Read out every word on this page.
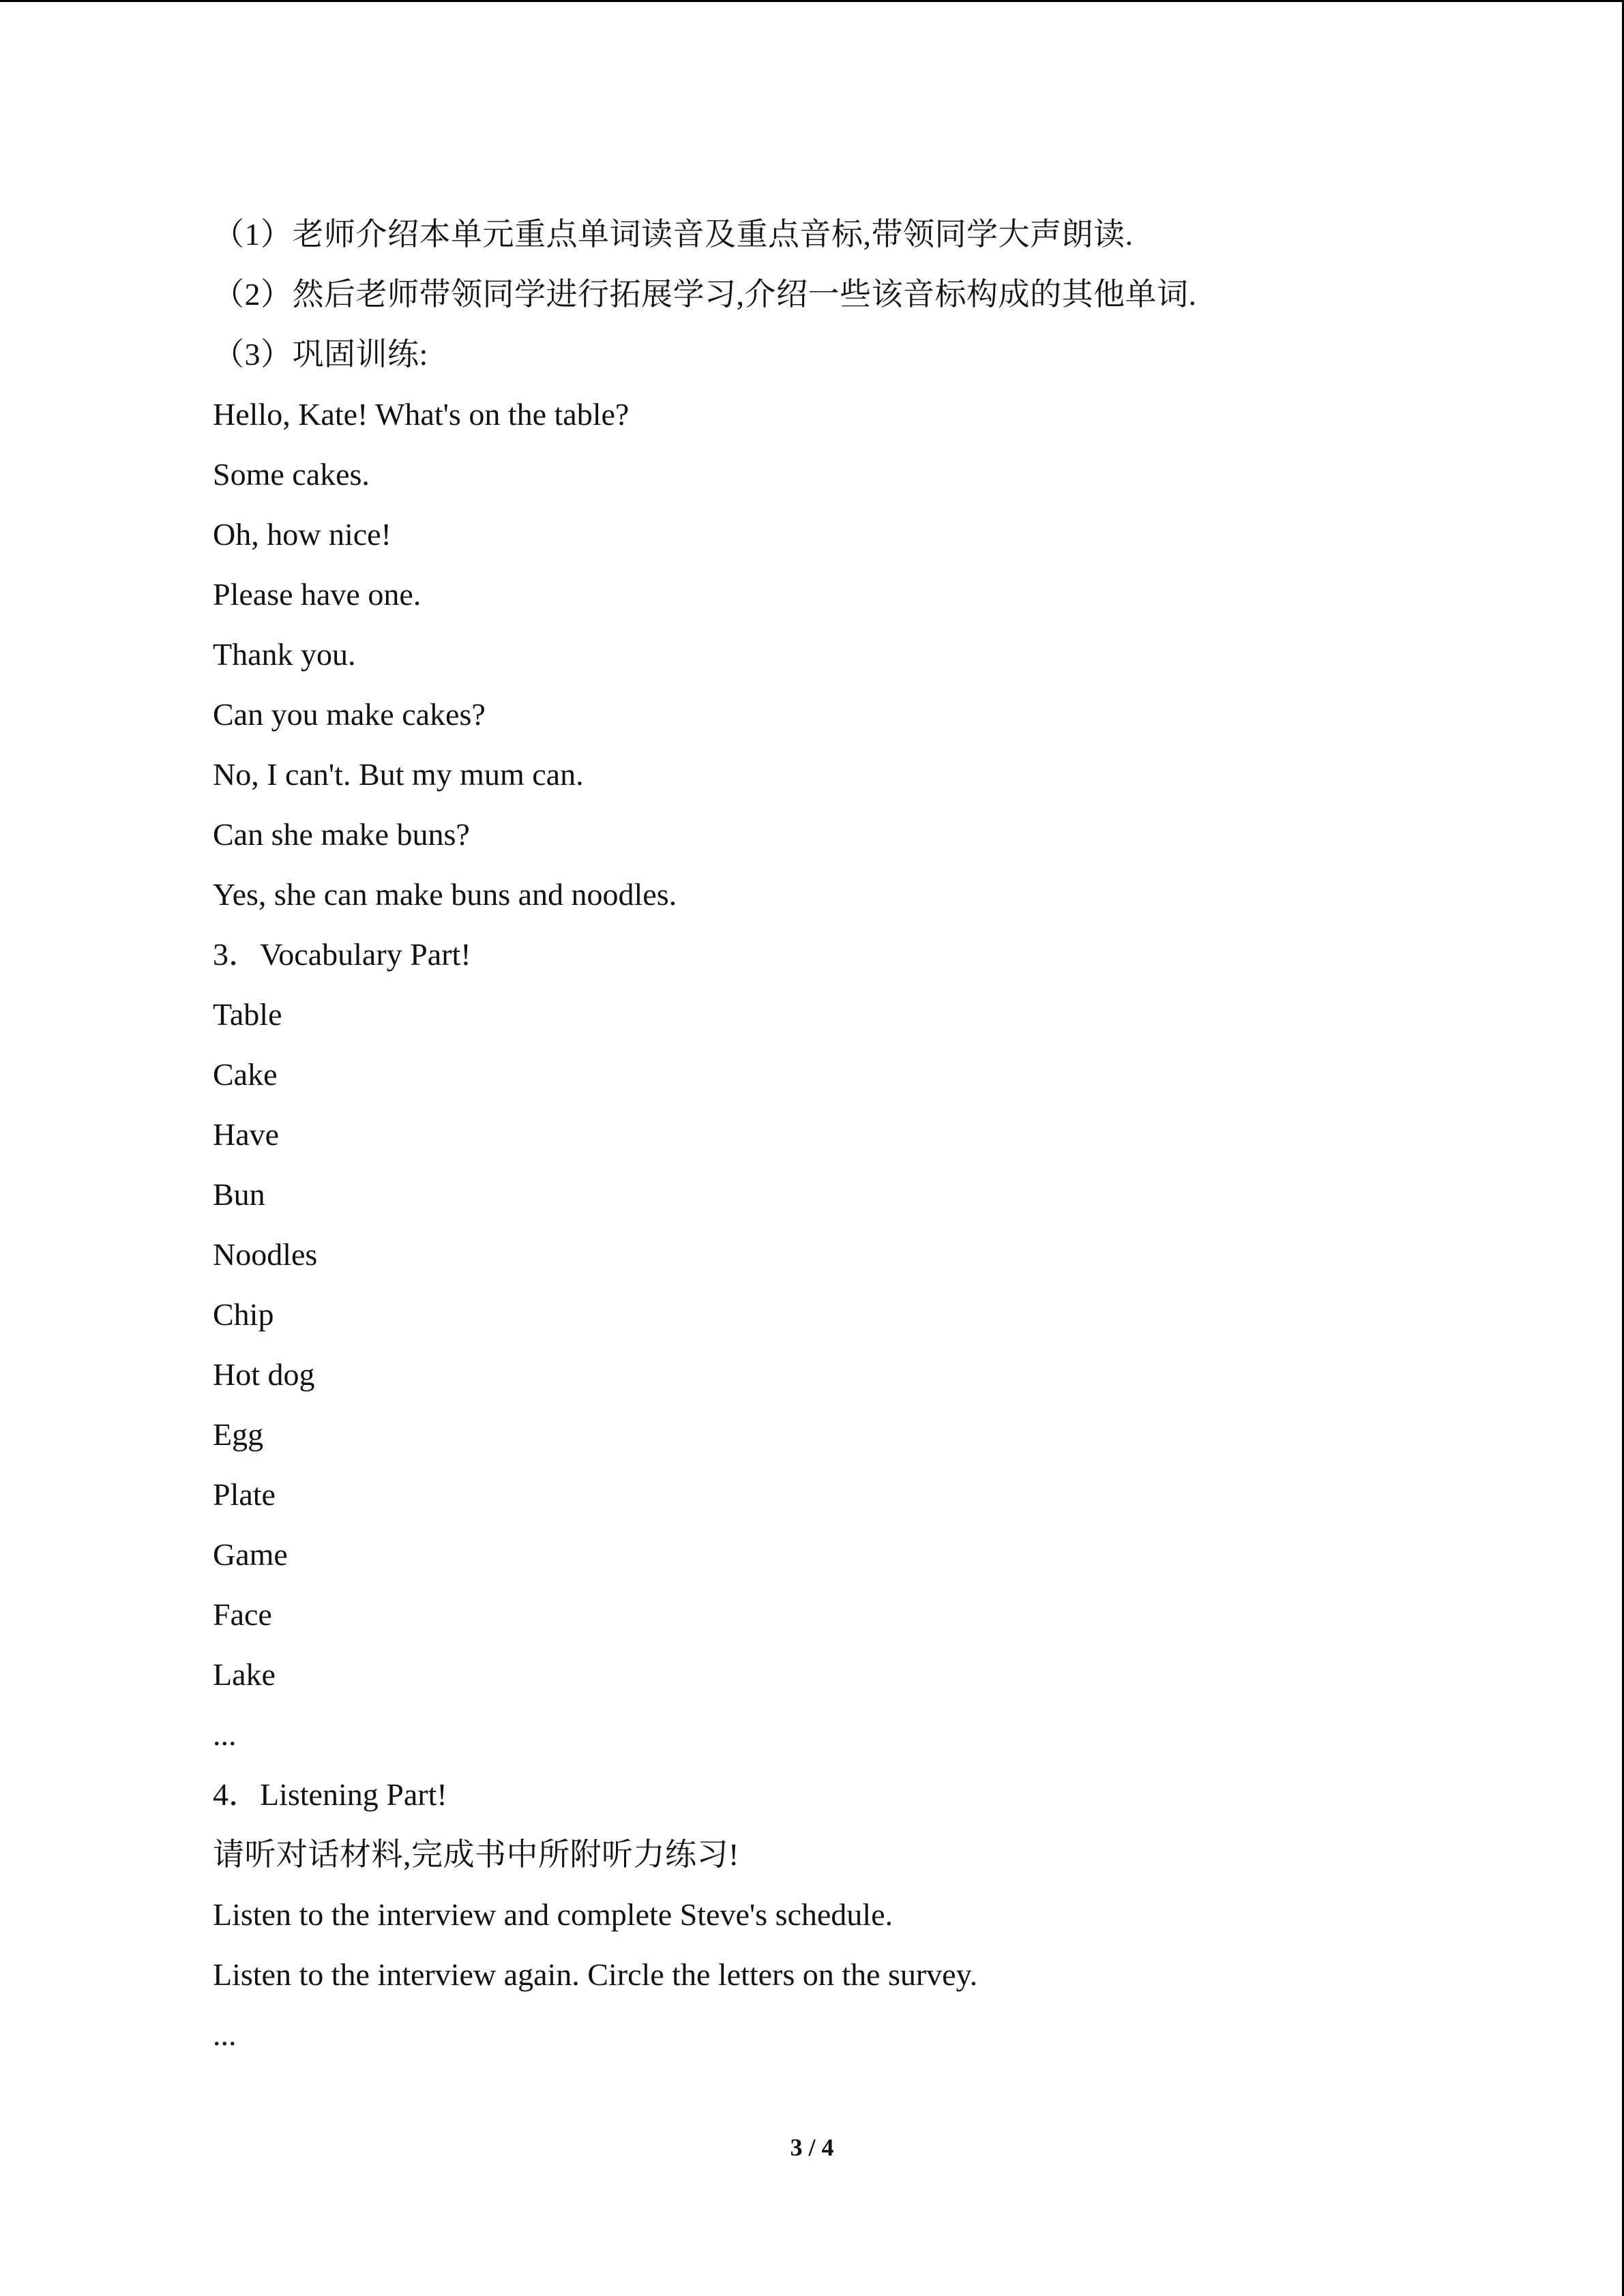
（1）老师介绍本单元重点单词读音及重点音标,带领同学大声朗读.
（2）然后老师带领同学进行拓展学习,介绍一些该音标构成的其他单词.
（3）巩固训练:
Hello, Kate! What's on the table?
Some cakes.
Oh, how nice!
Please have one.
Thank you.
Can you make cakes?
No, I can't. But my mum can.
Can she make buns?
Yes, she can make buns and noodles.
3．Vocabulary Part!
Table
Cake
Have
Bun
Noodles
Chip
Hot dog
Egg
Plate
Game
Face
Lake
...
4．Listening Part!
请听对话材料,完成书中所附听力练习!
Listen to the interview and complete Steve's schedule.
Listen to the interview again. Circle the letters on the survey.
...
3 / 4
